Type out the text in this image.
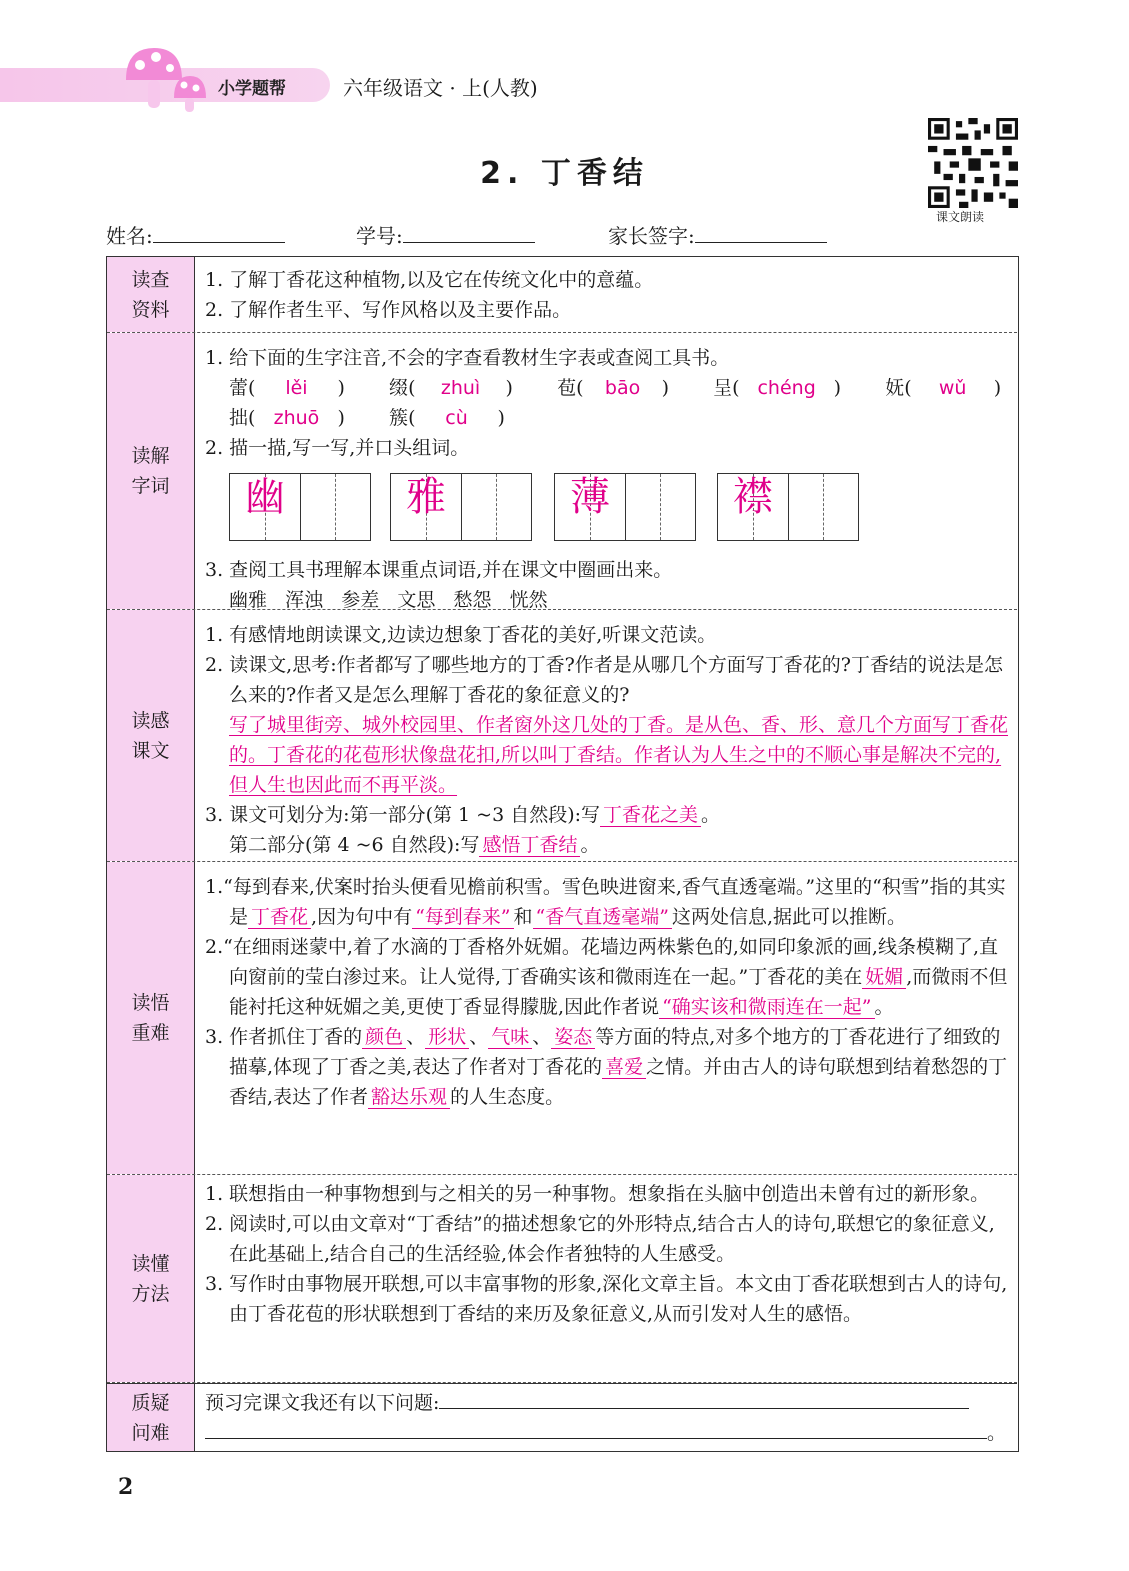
小学题帮	六年级语文 · 上(人教)
2. 丁香结
课文朗读
姓名:	学号:	家长签字:
读查
资料

1. 了解丁香花这种植物,以及它在传统文化中的意蕴。

2. 了解作者生平、写作风格以及主要作品。

读解
字词

1. 给下面的生字注音,不会的字查看教材生字表或查阅工具书。

蕾( lěi ) 缀( zhuì ) 苞( bāo ) 呈( chéng ) 妩( wǔ )

拙( zhuō ) 簇( cù )

2. 描一描,写一写,并口头组词。

幽	雅	薄	襟

3. 查阅工具书理解本课重点词语,并在课文中圈画出来。

幽雅   浑浊   参差   文思   愁怨   恍然

读感
课文

1. 有感情地朗读课文,边读边想象丁香花的美好,听课文范读。

2. 读课文,思考:作者都写了哪些地方的丁香?作者是从哪几个方面写丁香花的?丁香结的说法是怎么来的?作者又是怎么理解丁香花的象征意义的?

写了城里街旁、城外校园里、作者窗外这几处的丁香。是从色、香、形、意几个方面写丁香花的。丁香花的花苞形状像盘花扣,所以叫丁香结。作者认为人生之中的不顺心事是解决不完的,但人生也因此而不再平淡。

3. 课文可划分为:第一部分(第 1 ~3 自然段):写 丁香花之美 。

第二部分(第 4 ~6 自然段):写 感悟丁香结 。

读悟
重难

1.“每到春来,伏案时抬头便看见檐前积雪。雪色映进窗来,香气直透毫端。”这里的“积雪”指的其实是 丁香花 ,因为句中有 “每到春来” 和 “香气直透毫端” 这两处信息,据此可以推断。

2.“在细雨迷蒙中,着了水滴的丁香格外妩媚。花墙边两株紫色的,如同印象派的画,线条模糊了,直向窗前的莹白渗过来。让人觉得,丁香确实该和微雨连在一起。”丁香花的美在 妩媚 ,而微雨不但能衬托这种妩媚之美,更使丁香显得朦胧,因此作者说 “确实该和微雨连在一起” 。

3. 作者抓住丁香的 颜色 、 形状 、 气味 、 姿态 等方面的特点,对多个地方的丁香花进行了细致的描摹,体现了丁香之美,表达了作者对丁香花的 喜爱 之情。并由古人的诗句联想到结着愁怨的丁香结,表达了作者 豁达乐观 的人生态度。

读懂
方法

1. 联想指由一种事物想到与之相关的另一种事物。想象指在头脑中创造出未曾有过的新形象。

2. 阅读时,可以由文章对“丁香结”的描述想象它的外形特点,结合古人的诗句,联想它的象征意义,在此基础上,结合自己的生活经验,体会作者独特的人生感受。

3. 写作时由事物展开联想,可以丰富事物的形象,深化文章主旨。本文由丁香花联想到古人的诗句,由丁香花苞的形状联想到丁香结的来历及象征意义,从而引发对人生的感悟。

质疑
问难

预习完课文我还有以下问题:

。

2
